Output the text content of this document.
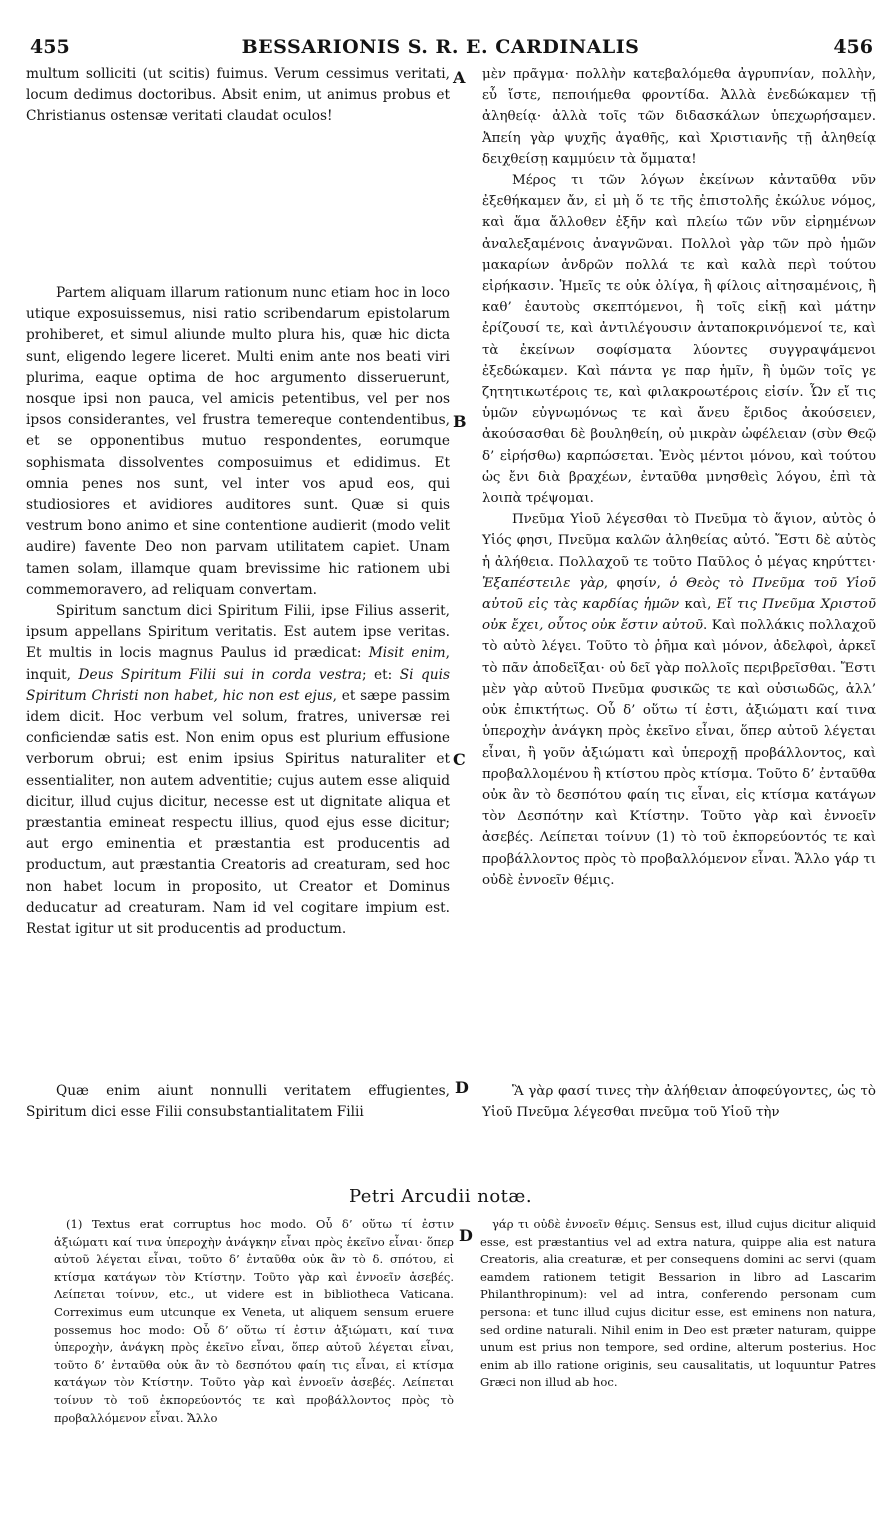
455	BESSARIONIS S. R. E. CARDINALIS	456
A
B
C
D
D

multum solliciti (ut scitis) fuimus. Verum cessimus veritati, locum dedimus doctoribus. Absit enim, ut animus probus et Christianus ostensæ veritati claudat oculos!

Partem aliquam illarum rationum nunc etiam hoc in loco utique exposuissemus, nisi ratio scribendarum epistolarum prohiberet, et simul aliunde multo plura his, quæ hic dicta sunt, eligendo legere liceret. Multi enim ante nos beati viri plurima, eaque optima de hoc argumento disseruerunt, nosque ipsi non pauca, vel amicis petentibus, vel per nos ipsos considerantes, vel frustra temereque contendentibus, et se opponentibus mutuo respondentes, eorumque sophismata dissolventes composuimus et edidimus. Et omnia penes nos sunt, vel inter vos apud eos, qui studiosiores et avidiores auditores sunt. Quæ si quis vestrum bono animo et sine contentione audierit (modo velit audire) favente Deo non parvam utilitatem capiet. Unam tamen solam, illamque quam brevissime hic rationem ubi commemoravero, ad reliquam convertam.

Spiritum sanctum dici Spiritum Filii, ipse Filius asserit, ipsum appellans Spiritum veritatis. Est autem ipse veritas. Et multis in locis magnus Paulus id prædicat: Misit enim, inquit, Deus Spiritum Filii sui in corda vestra; et: Si quis Spiritum Christi non habet, hic non est ejus, et sæpe passim idem dicit. Hoc verbum vel solum, fratres, universæ rei conficiendæ satis est. Non enim opus est plurium effusione verborum obrui; est enim ipsius Spiritus naturaliter et essentialiter, non autem adventitie; cujus autem esse aliquid dicitur, illud cujus dicitur, necesse est ut dignitate aliqua et præstantia emineat respectu illius, quod ejus esse dicitur; aut ergo eminentia et præstantia est producentis ad productum, aut præstantia Creatoris ad creaturam, sed hoc non habet locum in proposito, ut Creator et Dominus deducatur ad creaturam. Nam id vel cogitare impium est. Restat igitur ut sit producentis ad productum.

Quæ enim aiunt nonnulli veritatem effugientes, Spiritum dici esse Filii consubstantialitatem Filii

μὲν πρᾶγμα· πολλὴν κατεβαλόμεθα ἀγρυπνίαν, πολλὴν, εὖ ἴστε, πεποιήμεθα φροντίδα. Ἀλλὰ ἐνεδώκαμεν τῇ ἀληθείᾳ· ἀλλὰ τοῖς τῶν διδασκάλων ὑπεχωρήσαμεν. Ἀπείη γὰρ ψυχῆς ἀγαθῆς, καὶ Χριστιανῆς τῇ ἀληθείᾳ δειχθείσῃ καμμύειν τὰ ὄμματα!

Μέρος τι τῶν λόγων ἐκείνων κἀνταῦθα νῦν ἐξεθήκαμεν ἄν, εἰ μὴ ὅ τε τῆς ἐπιστολῆς ἐκώλυε νόμος, καὶ ἅμα ἄλλοθεν ἐξῆν καὶ πλείω τῶν νῦν εἰρημένων ἀναλεξαμένοις ἀναγνῶναι. Πολλοὶ γὰρ τῶν πρὸ ἡμῶν μακαρίων ἀνδρῶν πολλά τε καὶ καλὰ περὶ τούτου εἰρήκασιν. Ἡμεῖς τε οὐκ ὀλίγα, ἢ φίλοις αἰτησαμένοις, ἢ καθ’ ἑαυτοὺς σκεπτόμενοι, ἢ τοῖς εἰκῇ καὶ μάτην ἐρίζουσί τε, καὶ ἀντιλέγουσιν ἀνταποκρινόμενοί τε, καὶ τὰ ἐκείνων σοφίσματα λύοντες συγγραψάμενοι ἐξεδώκαμεν. Καὶ πάντα γε παρ ἡμῖν, ἢ ὑμῶν τοῖς γε ζητητικωτέροις τε, καὶ φιλακροωτέροις εἰσίν. Ὧν εἴ τις ὑμῶν εὐγνωμόνως τε καὶ ἄνευ ἔριδος ἀκούσειεν, ἀκούσασθαι δὲ βουληθείη, οὐ μικρὰν ὠφέλειαν (σὺν Θεῷ δ’ εἰρήσθω) καρπώσεται. Ἑνὸς μέντοι μόνου, καὶ τούτου ὡς ἔνι διὰ βραχέων, ἐνταῦθα μνησθεὶς λόγου, ἐπὶ τὰ λοιπὰ τρέψομαι.

Πνεῦμα Υἱοῦ λέγεσθαι τὸ Πνεῦμα τὸ ἅγιον, αὐτὸς ὁ Υἱός φησι, Πνεῦμα καλῶν ἀληθείας αὐτό. Ἔστι δὲ αὐτὸς ἡ ἀλήθεια. Πολλαχοῦ τε τοῦτο Παῦλος ὁ μέγας κηρύττει· Ἐξαπέστειλε γὰρ, φησίν, ὁ Θεὸς τὸ Πνεῦμα τοῦ Υἱοῦ αὐτοῦ εἰς τὰς καρδίας ἡμῶν καὶ, Εἴ τις Πνεῦμα Χριστοῦ οὐκ ἔχει, οὗτος οὐκ ἔστιν αὐτοῦ. Καὶ πολλάκις πολλαχοῦ τὸ αὐτὸ λέγει. Τοῦτο τὸ ῥῆμα καὶ μόνον, ἀδελφοὶ, ἀρκεῖ τὸ πᾶν ἀποδεῖξαι· οὐ δεῖ γὰρ πολλοῖς περιβρεῖσθαι. Ἔστι μὲν γὰρ αὐτοῦ Πνεῦμα φυσικῶς τε καὶ οὐσιωδῶς, ἀλλ’ οὐκ ἐπικτήτως. Οὗ δ’ οὕτω τί ἐστι, ἀξιώματι καί τινα ὑπεροχὴν ἀνάγκη πρὸς ἐκεῖνο εἶναι, ὅπερ αὐτοῦ λέγεται εἶναι, ἢ γοῦν ἀξιώματι καὶ ὑπεροχῇ προβάλλοντος, καὶ προβαλλομένου ἢ κτίστου πρὸς κτίσμα. Τοῦτο δ’ ἐνταῦθα οὐκ ἂν τὸ δεσπότου φαίη τις εἶναι, εἰς κτίσμα κατάγων τὸν Δεσπότην καὶ Κτίστην. Τοῦτο γὰρ καὶ ἐννοεῖν ἀσεβές. Λείπεται τοίνυν (1) τὸ τοῦ ἐκπορεύοντός τε καὶ προβάλλοντος πρὸς τὸ προβαλλόμενον εἶναι. Ἄλλο γάρ τι οὐδὲ ἐννοεῖν θέμις.

Ἃ γὰρ φασί τινες τὴν ἀλήθειαν ἀποφεύγοντες, ὡς τὸ Υἱοῦ Πνεῦμα λέγεσθαι πνεῦμα τοῦ Υἱοῦ τὴν

Petri Arcudii notæ.

(1) Textus erat corruptus hoc modo. Οὗ δ’ οὕτω τί ἐστιν ἀξιώματι καί τινα ὑπεροχὴν ἀνάγκην εἶναι πρὸς ἐκεῖνο εἶναι· ὅπερ αὐτοῦ λέγεται εἶναι, τοῦτο δ’ ἐνταῦθα οὐκ ἂν τὸ δ. σπότου, εἰ κτίσμα κατάγων τὸν Κτίστην. Τοῦτο γὰρ καὶ ἐννοεῖν ἀσεβές. Λείπεται τοίνυν, etc., ut videre est in bibliotheca Vaticana. Correximus eum utcunque ex Veneta, ut aliquem sensum eruere possemus hoc modo: Οὗ δ’ οὕτω τί ἐστιν ἀξιώματι, καί τινα ὑπεροχὴν, ἀνάγκη πρὸς ἐκεῖνο εἶναι, ὅπερ αὐτοῦ λέγεται εἶναι, τοῦτο δ’ ἐνταῦθα οὐκ ἂν τὸ δεσπότου φαίη τις εἶναι, εἰ κτίσμα κατάγων τὸν Κτίστην. Τοῦτο γὰρ καὶ ἐννοεῖν ἀσεβές. Λείπεται τοίνυν τὸ τοῦ ἐκπορεύοντός τε καὶ προβάλλοντος πρὸς τὸ προβαλλόμενον εἶναι. Ἄλλο

γάρ τι οὐδὲ ἐννοεῖν θέμις. Sensus est, illud cujus dicitur aliquid esse, est præstantius vel ad extra natura, quippe alia est natura Creatoris, alia creaturæ, et per consequens domini ac servi (quam eamdem rationem tetigit Bessarion in libro ad Lascarim Philanthropinum): vel ad intra, conferendo personam cum persona: et tunc illud cujus dicitur esse, est eminens non natura, sed ordine naturali. Nihil enim in Deo est præter naturam, quippe unum est prius non tempore, sed ordine, alterum posterius. Hoc enim ab illo ratione originis, seu causalitatis, ut loquuntur Patres Græci non illud ab hoc.
